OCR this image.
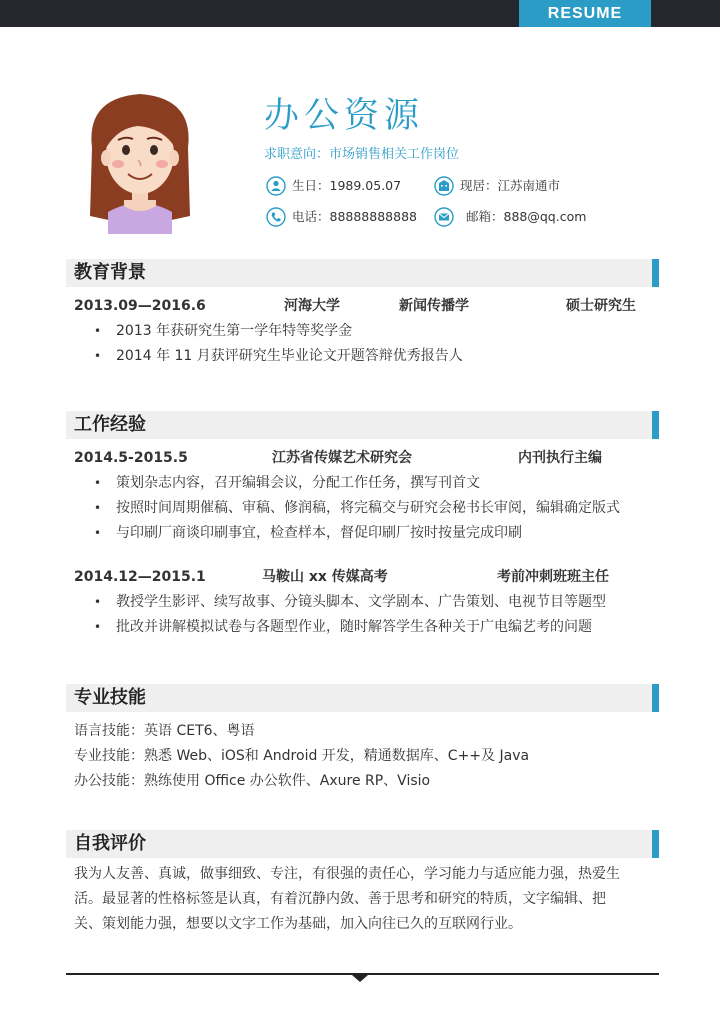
RESUME
办公资源
求职意向：市场销售相关工作岗位
生日：1989.05.07	现居：江苏南通市
电话：88888888888	邮箱：888@qq.com
教育背景
2013.09—2016.6	河海大学	新闻传播学	硕士研究生
•	2013 年获研究生第一学年特等奖学金
•	2014 年 11 月获评研究生毕业论文开题答辩优秀报告人
工作经验
2014.5-2015.5	江苏省传媒艺术研究会	内刊执行主编
•	策划杂志内容，召开编辑会议，分配工作任务，撰写刊首文
•	按照时间周期催稿、审稿、修润稿，将完稿交与研究会秘书长审阅，编辑确定版式
•	与印刷厂商谈印刷事宜，检查样本，督促印刷厂按时按量完成印刷
2014.12—2015.1	马鞍山 xx 传媒高考	考前冲刺班班主任
•	教授学生影评、续写故事、分镜头脚本、文学剧本、广告策划、电视节目等题型
•	批改并讲解模拟试卷与各题型作业，随时解答学生各种关于广电编艺考的问题
专业技能
语言技能：英语 CET6、粤语
专业技能：熟悉 Web、iOS和 Android 开发，精通数据库、C++及 Java
办公技能：熟练使用 Office 办公软件、Axure RP、Visio
自我评价
我为人友善、真诚，做事细致、专注，有很强的责任心，学习能力与适应能力强，热爱生
活。最显著的性格标签是认真，有着沉静内敛、善于思考和研究的特质，文字编辑、把
关、策划能力强，想要以文字工作为基础，加入向往已久的互联网行业。
